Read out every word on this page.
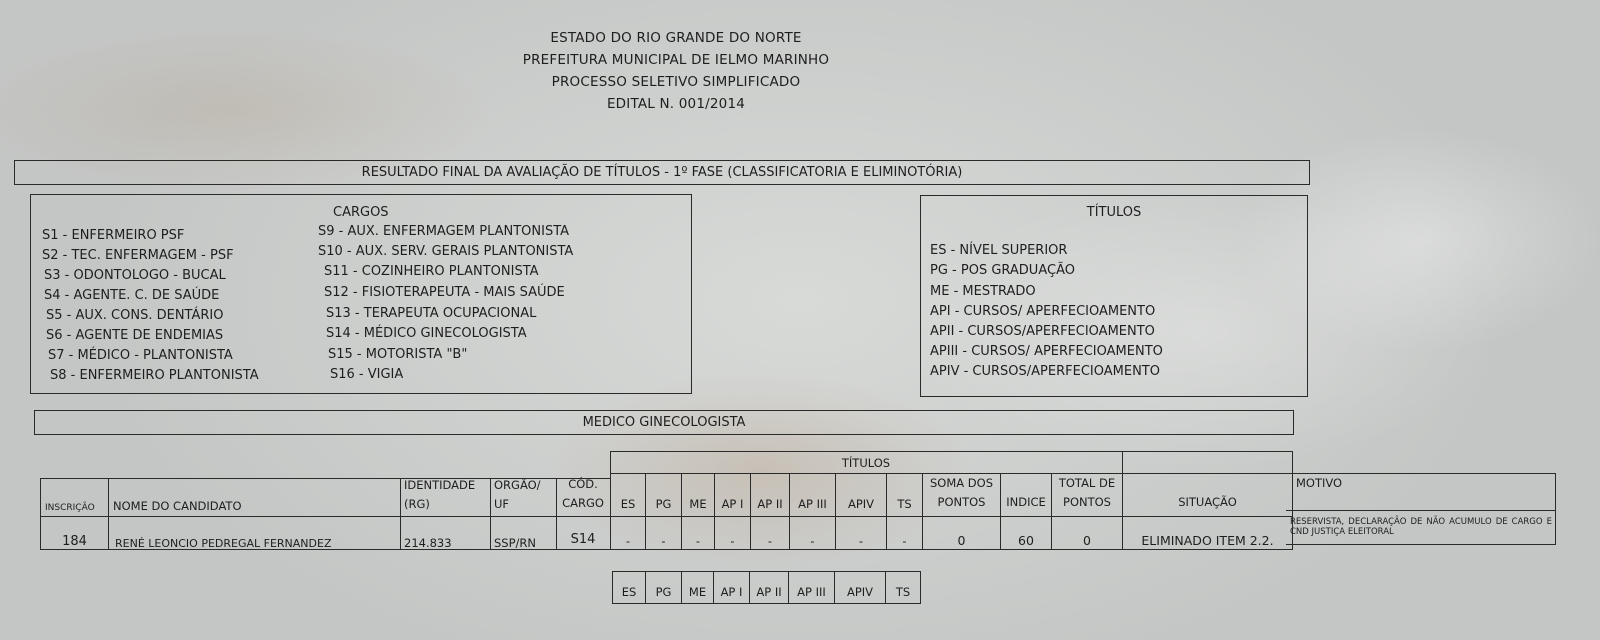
ESTADO DO RIO GRANDE DO NORTE
PREFEITURA MUNICIPAL DE IELMO MARINHO
PROCESSO SELETIVO SIMPLIFICADO
EDITAL N. 001/2014
RESULTADO FINAL DA AVALIAÇÃO DE TÍTULOS - 1º FASE (CLASSIFICATORIA E ELIMINOTÓRIA)
CARGOS
S1 - ENFERMEIRO PSF
S2 - TEC. ENFERMAGEM - PSF
S3 - ODONTOLOGO - BUCAL
S4 - AGENTE. C. DE SAÚDE
S5 - AUX. CONS. DENTÁRIO
S6 - AGENTE DE ENDEMIAS
S7 - MÉDICO - PLANTONISTA
S8 - ENFERMEIRO PLANTONISTA
S9 - AUX. ENFERMAGEM PLANTONISTA
S10 - AUX. SERV. GERAIS PLANTONISTA
S11 - COZINHEIRO PLANTONISTA
S12 - FISIOTERAPEUTA - MAIS SAÚDE
S13 - TERAPEUTA OCUPACIONAL
S14 - MÉDICO GINECOLOGISTA
S15 - MOTORISTA "B"
S16 - VIGIA
TÍTULOS
ES - NÍVEL SUPERIOR
PG - POS GRADUAÇÃO
ME - MESTRADO
API - CURSOS/ APERFECIOAMENTO
APII - CURSOS/APERFECIOAMENTO
APIII - CURSOS/ APERFECIOAMENTO
APIV - CURSOS/APERFECIOAMENTO
MEDICO GINECOLOGISTA
TÍTULOS
INSCRIÇÃO NOME DO CANDIDATO
IDENTIDADE
(RG)
ORGÃO/
UF
CÓD.
CARGO	ES	PG	ME	AP I	AP II	AP III	APIV	TS
SOMA DOS
PONTOS	INDICE
TOTAL DE
PONTOS	SITUAÇÃO
MOTIVO
184	RENÉ LEONCIO PEDREGAL FERNANDEZ	214.833	SSP/RN	S14	-	-	-	-	-	-	-	-	0	60	0	ELIMINADO ITEM 2.2.
RESERVISTA, DECLARAÇÃO DE NÃO ACUMULO DE CARGO E CND JUSTIÇA ELEITORAL
ES	PG	ME	AP I	AP II	AP III	APIV	TS
